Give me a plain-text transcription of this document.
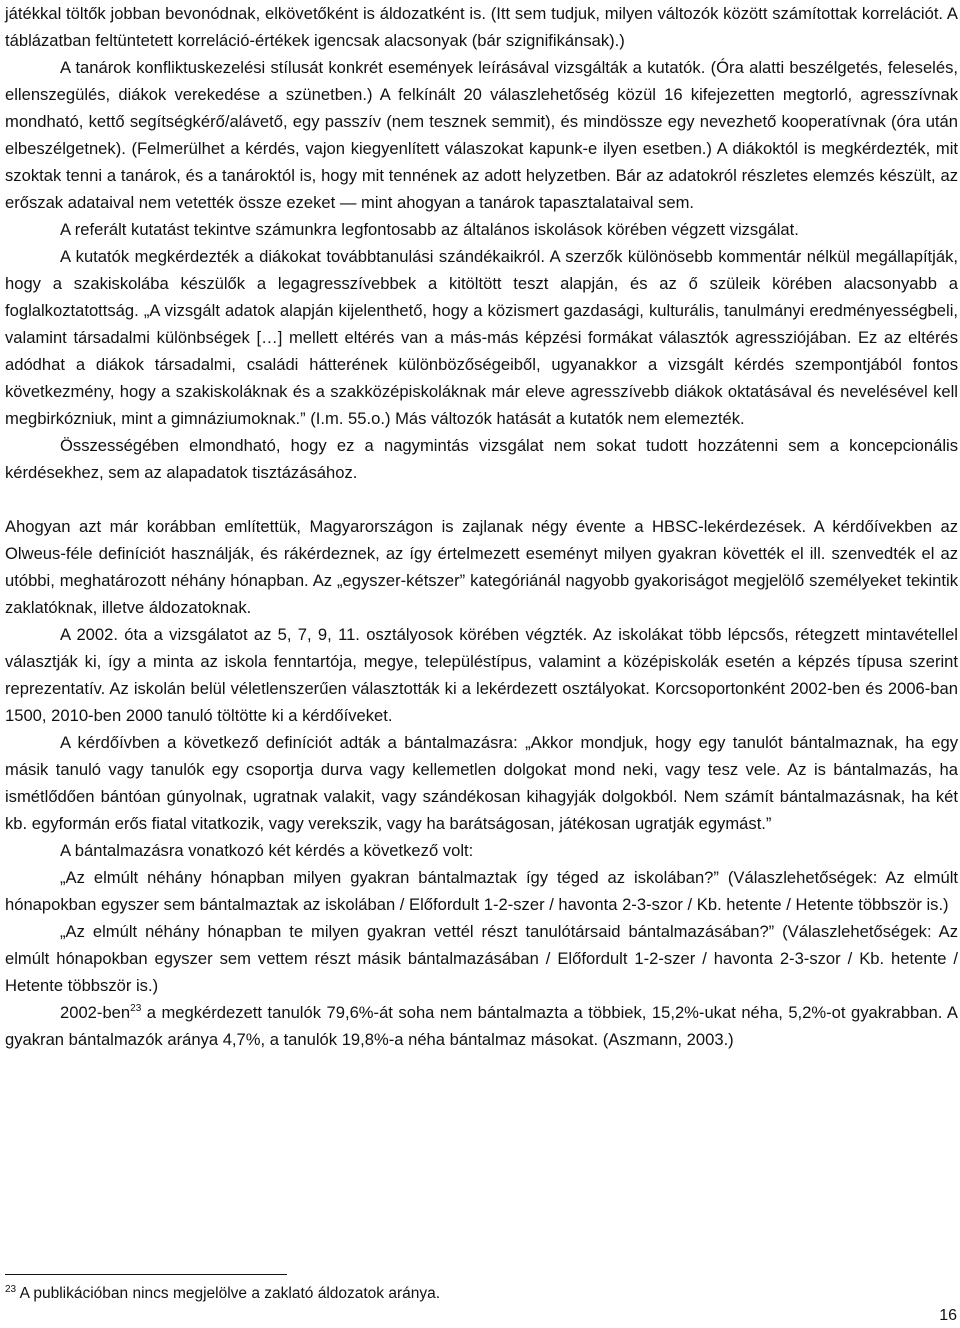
játékkal töltők jobban bevonódnak, elkövetőként is áldozatként is. (Itt sem tudjuk, milyen változók között számítottak korrelációt. A táblázatban feltüntetett korreláció-értékek igencsak alacsonyak (bár szignifikánsak).)

A tanárok konfliktuskezelési stílusát konkrét események leírásával vizsgálták a kutatók. (Óra alatti beszélgetés, feleselés, ellenszegülés, diákok verekedése a szünetben.) A felkínált 20 válaszlehetőség közül 16 kifejezetten megtorló, agresszívnak mondható, kettő segítségkérő/alávető, egy passzív (nem tesznek semmit), és mindössze egy nevezhető kooperatívnak (óra után elbeszélgetnek). (Felmerülhet a kérdés, vajon kiegyenlített válaszokat kapunk-e ilyen esetben.) A diákoktól is megkérdezték, mit szoktak tenni a tanárok, és a tanároktól is, hogy mit tennének az adott helyzetben. Bár az adatokról részletes elemzés készült, az erőszak adataival nem vetették össze ezeket — mint ahogyan a tanárok tapasztalataival sem.

A referált kutatást tekintve számunkra legfontosabb az általános iskolások körében végzett vizsgálat.

A kutatók megkérdezték a diákokat továbbtanulási szándékaikról. A szerzők különösebb kommentár nélkül megállapítják, hogy a szakiskolába készülők a legagresszívebbek a kitöltött teszt alapján, és az ő szüleik körében alacsonyabb a foglalkoztatottság. „A vizsgált adatok alapján kijelenthető, hogy a közismert gazdasági, kulturális, tanulmányi eredményességbeli, valamint társadalmi különbségek […] mellett eltérés van a más-más képzési formákat választók agressziójában. Ez az eltérés adódhat a diákok társadalmi, családi hátterének különbözőségeiből, ugyanakkor a vizsgált kérdés szempontjából fontos következmény, hogy a szakiskoláknak és a szakközépiskoláknak már eleve agresszívebb diákok oktatásával és nevelésével kell megbirkózniuk, mint a gimnáziumoknak.” (I.m. 55.o.) Más változók hatását a kutatók nem elemezték.

Összességében elmondható, hogy ez a nagymintás vizsgálat nem sokat tudott hozzátenni sem a koncepcionális kérdésekhez, sem az alapadatok tisztázásához.

Ahogyan azt már korábban említettük, Magyarországon is zajlanak négy évente a HBSC-lekérdezések. A kérdőívekben az Olweus-féle definíciót használják, és rákérdeznek, az így értelmezett eseményt milyen gyakran követték el ill. szenvedték el az utóbbi, meghatározott néhány hónapban. Az „egyszer-kétszer” kategóriánál nagyobb gyakoriságot megjelölő személyeket tekintik zaklatóknak, illetve áldozatoknak.

A 2002. óta a vizsgálatot az 5, 7, 9, 11. osztályosok körében végzték. Az iskolákat több lépcsős, rétegzett mintavétellel választják ki, így a minta az iskola fenntartója, megye, településtípus, valamint a középiskolák esetén a képzés típusa szerint reprezentatív. Az iskolán belül véletlenszerűen választották ki a lekérdezett osztályokat. Korcsoportonként 2002-ben és 2006-ban 1500, 2010-ben 2000 tanuló töltötte ki a kérdőíveket.

A kérdőívben a következő definíciót adták a bántalmazásra: „Akkor mondjuk, hogy egy tanulót bántalmaznak, ha egy másik tanuló vagy tanulók egy csoportja durva vagy kellemetlen dolgokat mond neki, vagy tesz vele. Az is bántalmazás, ha ismétlődően bántóan gúnyolnak, ugratnak valakit, vagy szándékosan kihagyják dolgokból. Nem számít bántalmazásnak, ha két kb. egyformán erős fiatal vitatkozik, vagy verekszik, vagy ha barátságosan, játékosan ugratják egymást.”

A bántalmazásra vonatkozó két kérdés a következő volt:

„Az elmúlt néhány hónapban milyen gyakran bántalmaztak így téged az iskolában?” (Válaszlehetőségek: Az elmúlt hónapokban egyszer sem bántalmaztak az iskolában / Előfordult 1-2-szer / havonta 2-3-szor / Kb. hetente / Hetente többször is.)

„Az elmúlt néhány hónapban te milyen gyakran vettél részt tanulótársaid bántalmazásában?” (Válaszlehetőségek: Az elmúlt hónapokban egyszer sem vettem részt másik bántalmazásában / Előfordult 1-2-szer / havonta 2-3-szor / Kb. hetente / Hetente többször is.)

2002-ben$^{23}$ a megkérdezett tanulók 79,6%-át soha nem bántalmazta a többiek, 15,2%-ukat néha, 5,2%-ot gyakrabban. A gyakran bántalmazók aránya 4,7%, a tanulók 19,8%-a néha bántalmaz másokat. (Aszmann, 2003.)

$^{23}$ A publikációban nincs megjelölve a zaklató áldozatok aránya.
16
